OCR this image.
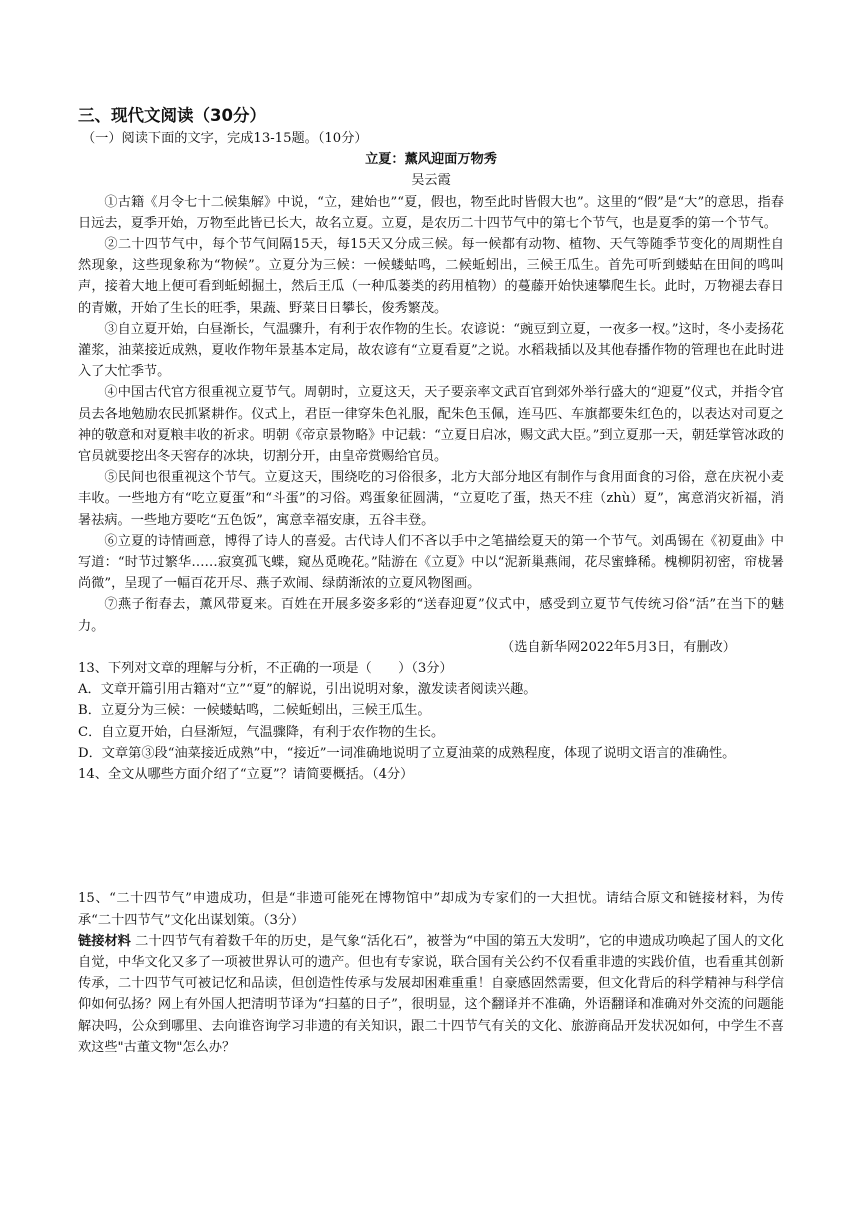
三、现代文阅读（30分）

（一）阅读下面的文字，完成13-15题。（10分）

立夏：薰风迎面万物秀

吴云霞

①古籍《月令七十二候集解》中说，“立，建始也”“夏，假也，物至此时皆假大也”。这里的“假”是“大”的意思，指春日远去，夏季开始，万物至此皆已长大，故名立夏。立夏，是农历二十四节气中的第七个节气，也是夏季的第一个节气。

②二十四节气中，每个节气间隔15天，每15天又分成三候。每一候都有动物、植物、天气等随季节变化的周期性自然现象，这些现象称为“物候”。立夏分为三候：一候蝼蛄鸣，二候蚯蚓出，三候王瓜生。首先可听到蝼蛄在田间的鸣叫声，接着大地上便可看到蚯蚓掘土，然后王瓜（一种瓜蒌类的药用植物）的蔓藤开始快速攀爬生长。此时，万物褪去春日的青嫩，开始了生长的旺季，果蔬、野菜日日攀长，俊秀繁茂。

③自立夏开始，白昼渐长，气温骤升，有利于农作物的生长。农谚说：“豌豆到立夏，一夜多一杈。”这时，冬小麦扬花灌浆，油菜接近成熟，夏收作物年景基本定局，故农谚有“立夏看夏”之说。水稻栽插以及其他春播作物的管理也在此时进入了大忙季节。

④中国古代官方很重视立夏节气。周朝时，立夏这天，天子要亲率文武百官到郊外举行盛大的“迎夏”仪式，并指令官员去各地勉励农民抓紧耕作。仪式上，君臣一律穿朱色礼服，配朱色玉佩，连马匹、车旗都要朱红色的，以表达对司夏之神的敬意和对夏粮丰收的祈求。明朝《帝京景物略》中记载：“立夏日启冰，赐文武大臣。”到立夏那一天，朝廷掌管冰政的官员就要挖出冬天窖存的冰块，切割分开，由皇帝赏赐给官员。

⑤民间也很重视这个节气。立夏这天，围绕吃的习俗很多，北方大部分地区有制作与食用面食的习俗，意在庆祝小麦丰收。一些地方有“吃立夏蛋”和“斗蛋”的习俗。鸡蛋象征圆满，“立夏吃了蛋，热天不疰（zhù）夏”，寓意消灾祈福，消暑祛病。一些地方要吃“五色饭”，寓意幸福安康，五谷丰登。

⑥立夏的诗情画意，博得了诗人的喜爱。古代诗人们不吝以手中之笔描绘夏天的第一个节气。刘禹锡在《初夏曲》中写道：“时节过繁华……寂寞孤飞蝶，窥丛觅晚花。”陆游在《立夏》中以“泥新巢燕闹，花尽蜜蜂稀。槐柳阴初密，帘栊暑尚微”，呈现了一幅百花开尽、燕子欢闹、绿荫渐浓的立夏风物图画。

⑦燕子衔春去，薰风带夏来。百姓在开展多姿多彩的“送春迎夏”仪式中，感受到立夏节气传统习俗“活”在当下的魅力。

（选自新华网2022年5月3日，有删改）

13、下列对文章的理解与分析，不正确的一项是（　　）（3分）

A．文章开篇引用古籍对“立”“夏”的解说，引出说明对象，激发读者阅读兴趣。

B．立夏分为三候：一候蝼蛄鸣，二候蚯蚓出，三候王瓜生。

C．自立夏开始，白昼渐短，气温骤降，有利于农作物的生长。

D．文章第③段“油菜接近成熟”中，“接近”一词准确地说明了立夏油菜的成熟程度，体现了说明文语言的准确性。

14、全文从哪些方面介绍了“立夏”？请简要概括。（4分）

15、“二十四节气”申遗成功，但是“非遗可能死在博物馆中”却成为专家们的一大担忧。请结合原文和链接材料，为传承“二十四节气”文化出谋划策。（3分）

链接材料 二十四节气有着数千年的历史，是气象“活化石”，被誉为“中国的第五大发明”，它的申遗成功唤起了国人的文化自觉，中华文化又多了一项被世界认可的遗产。但也有专家说，联合国有关公约不仅看重非遗的实践价值，也看重其创新传承，二十四节气可被记忆和品读，但创造性传承与发展却困难重重！自豪感固然需要，但文化背后的科学精神与科学信仰如何弘扬？网上有外国人把清明节译为“扫墓的日子”，很明显，这个翻译并不准确，外语翻译和准确对外交流的问题能解决吗，公众到哪里、去向谁咨询学习非遗的有关知识，跟二十四节气有关的文化、旅游商品开发状况如何，中学生不喜欢这些"古董文物"怎么办？
